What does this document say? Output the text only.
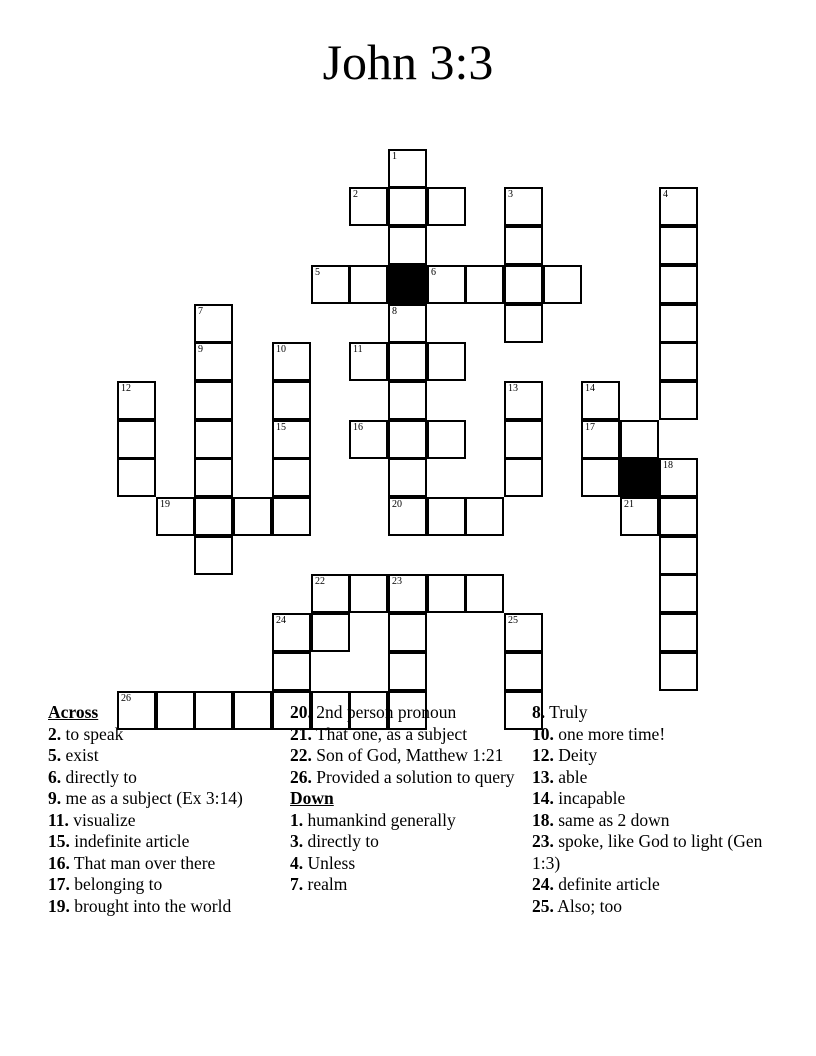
John 3:3
1
2	3	4
5	6
7	8
9	10	11
12	13	14
15	16	17
18
19	20	21
22	23
24	25
26
Across
2. to speak
5. exist
6. directly to
9. me as a subject (Ex 3:14)
11. visualize
15. indefinite article
16. That man over there
17. belonging to
19. brought into the world
20. 2nd person pronoun
21. That one, as a subject
22. Son of God, Matthew 1:21
26. Provided a solution to query
Down
1. humankind generally
3. directly to
4. Unless
7. realm
8. Truly
10. one more time!
12. Deity
13. able
14. incapable
18. same as 2 down
23. spoke, like God to light (Gen 1:3)
24. definite article
25. Also; too
